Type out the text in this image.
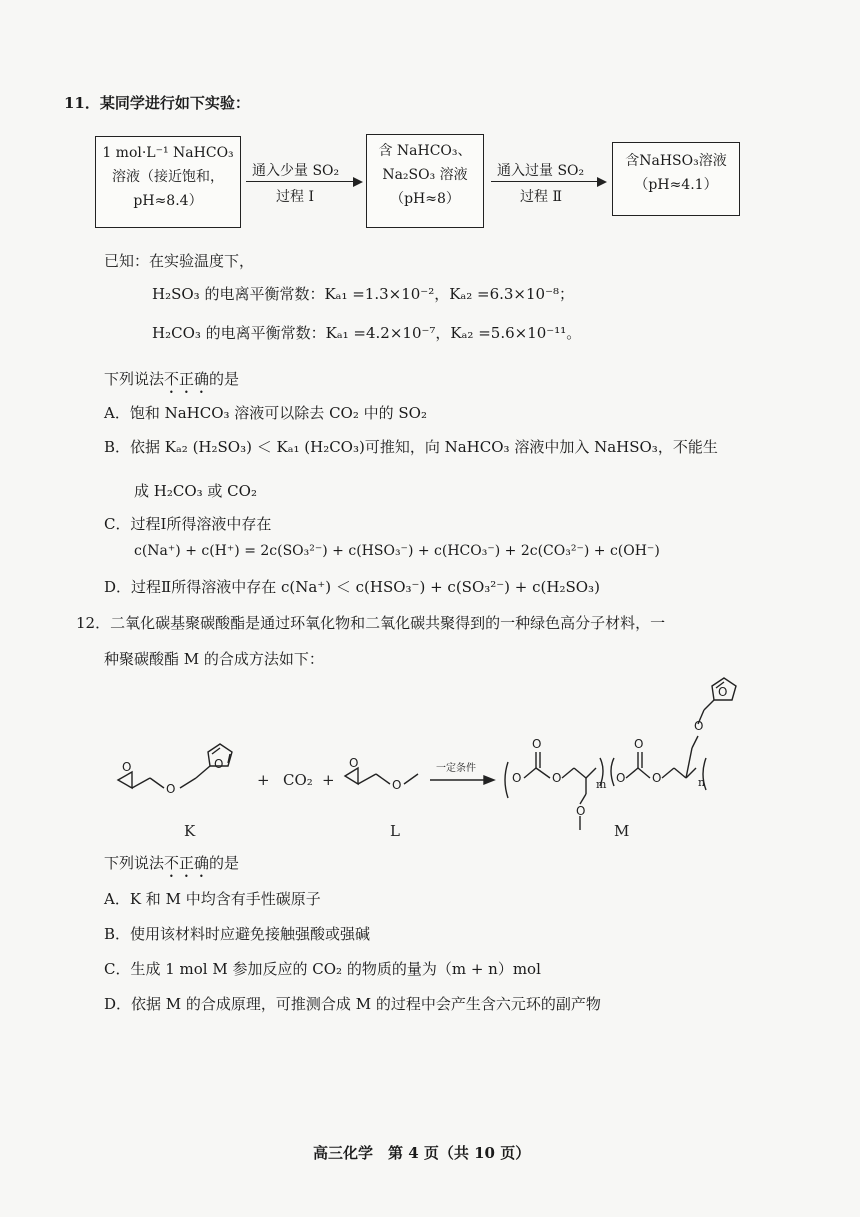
11．某同学进行如下实验：
1 mol·L⁻¹ NaHCO₃
溶液（接近饱和，
pH≈8.4）
通入少量 SO₂
过程 Ⅰ
含 NaHCO₃、
Na₂SO₃ 溶液
（pH≈8）
通入过量 SO₂
过程 Ⅱ
含NaHSO₃溶液
（pH≈4.1）
已知：在实验温度下，
H₂SO₃ 的电离平衡常数：Kₐ₁ =1.3×10⁻²，Kₐ₂ =6.3×10⁻⁸；
H₂CO₃ 的电离平衡常数：Kₐ₁ =4.2×10⁻⁷，Kₐ₂ =5.6×10⁻¹¹。
下列说法不正确的是
A．饱和 NaHCO₃ 溶液可以除去 CO₂ 中的 SO₂
B．依据 Kₐ₂ (H₂SO₃) ＜ Kₐ₁ (H₂CO₃)可推知，向 NaHCO₃ 溶液中加入 NaHSO₃，不能生
成 H₂CO₃ 或 CO₂
C．过程Ⅰ所得溶液中存在
c(Na⁺) + c(H⁺) = 2c(SO₃²⁻) + c(HSO₃⁻) + c(HCO₃⁻) + 2c(CO₃²⁻) + c(OH⁻)
D．过程Ⅱ所得溶液中存在 c(Na⁺) ＜ c(HSO₃⁻) + c(SO₃²⁻) + c(H₂SO₃)
12．二氧化碳基聚碳酸酯是通过环氧化物和二氧化碳共聚得到的一种绿色高分子材料，一
种聚碳酸酯 M 的合成方法如下：
O
O
O	O
O	O
O
O
O
O
O
O
O
O
+ CO₂ +
一定条件
m	n
K	L	M
下列说法不正确的是
A．K 和 M 中均含有手性碳原子
B．使用该材料时应避免接触强酸或强碱
C．生成 1 mol M 参加反应的 CO₂ 的物质的量为（m + n）mol
D．依据 M 的合成原理，可推测合成 M 的过程中会产生含六元环的副产物
高三化学　第 4 页（共 10 页）
